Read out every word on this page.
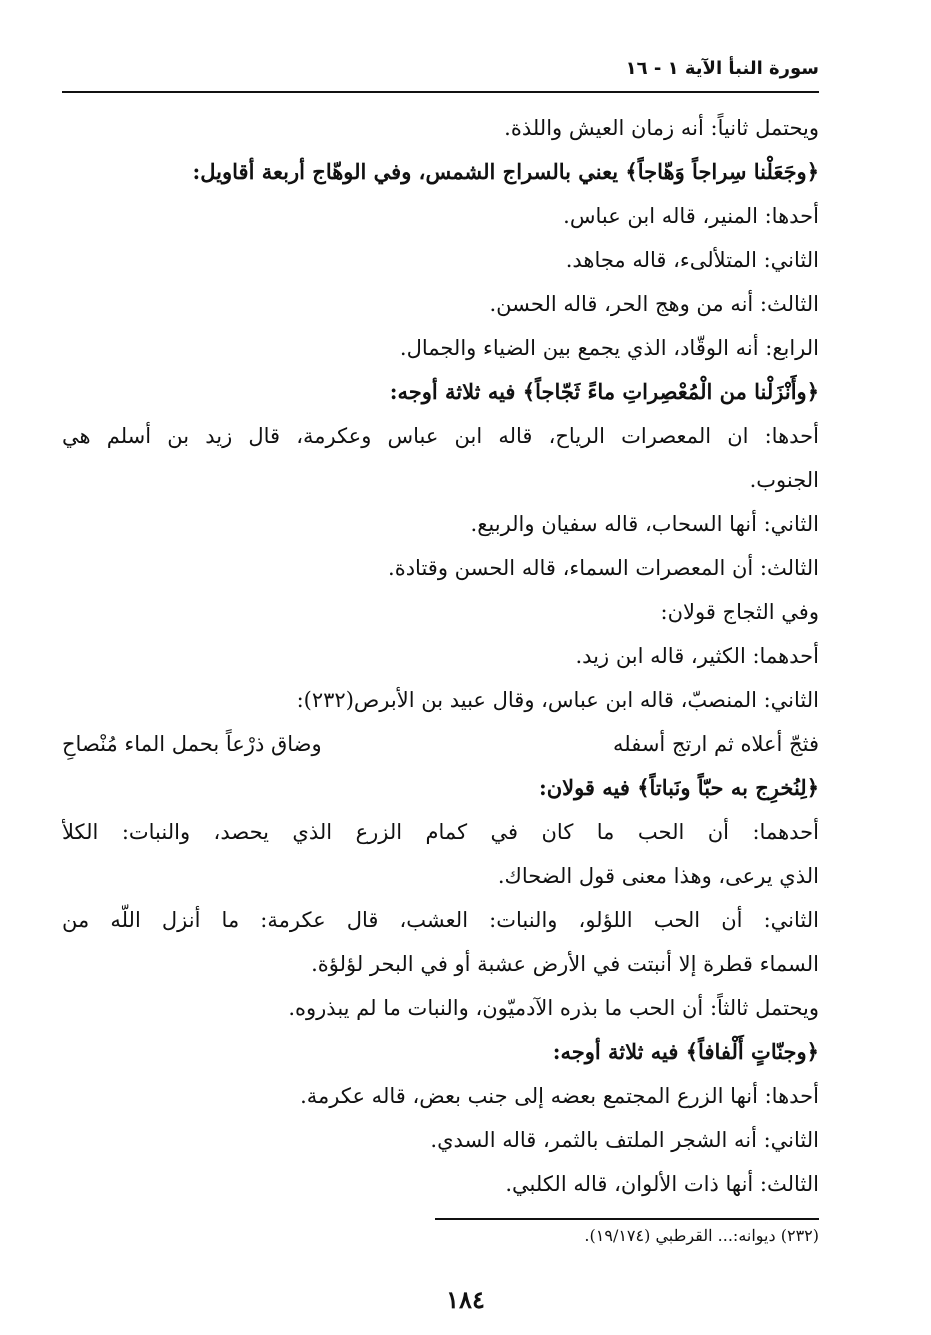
سورة النبأ الآية ١ - ١٦
ويحتمل ثانياً: أنه زمان العيش واللذة.
﴿وجَعَلْنا سِراجاً وَهّاجاً﴾ يعني بالسراج الشمس، وفي الوهّاج أربعة أقاويل:
أحدها: المنير، قاله ابن عباس.
الثاني: المتلألىء، قاله مجاهد.
الثالث: أنه من وهج الحر، قاله الحسن.
الرابع: أنه الوقّاد، الذي يجمع بين الضياء والجمال.
﴿وأَنْزَلْنا من الْمُعْصِراتِ ماءً ثَجّاجاً﴾ فيه ثلاثة أوجه:
أحدها: ان المعصرات الرياح، قاله ابن عباس وعكرمة، قال زيد بن أسلم هي
الجنوب.
الثاني: أنها السحاب، قاله سفيان والربيع.
الثالث: أن المعصرات السماء، قاله الحسن وقتادة.
وفي الثجاج قولان:
أحدهما: الكثير، قاله ابن زيد.
الثاني: المنصبّ، قاله ابن عباس، وقال عبيد بن الأبرص(٢٣٢):
فثجّ أعلاه ثم ارتج أسفله
وضاق ذرْعاً بحمل الماء مُنْصاحِ
﴿لِنُخرِج به حبّاً ونَباتاً﴾ فيه قولان:
أحدهما: أن الحب ما كان في كمام الزرع الذي يحصد، والنبات: الكلأ
الذي يرعى، وهذا معنى قول الضحاك.
الثاني: أن الحب اللؤلو، والنبات: العشب، قال عكرمة: ما أنزل اللّه من
السماء قطرة إلا أنبتت في الأرض عشبة أو في البحر لؤلؤة.
ويحتمل ثالثاً: أن الحب ما بذره الآدميّون، والنبات ما لم يبذروه.
﴿وجنّاتٍ أَلْفافاً﴾ فيه ثلاثة أوجه:
أحدها: أنها الزرع المجتمع بعضه إلى جنب بعض، قاله عكرمة.
الثاني: أنه الشجر الملتف بالثمر، قاله السدي.
الثالث: أنها ذات الألوان، قاله الكلبي.
(٢٣٢) ديوانه:... القرطبي (١٩/١٧٤).
١٨٤
